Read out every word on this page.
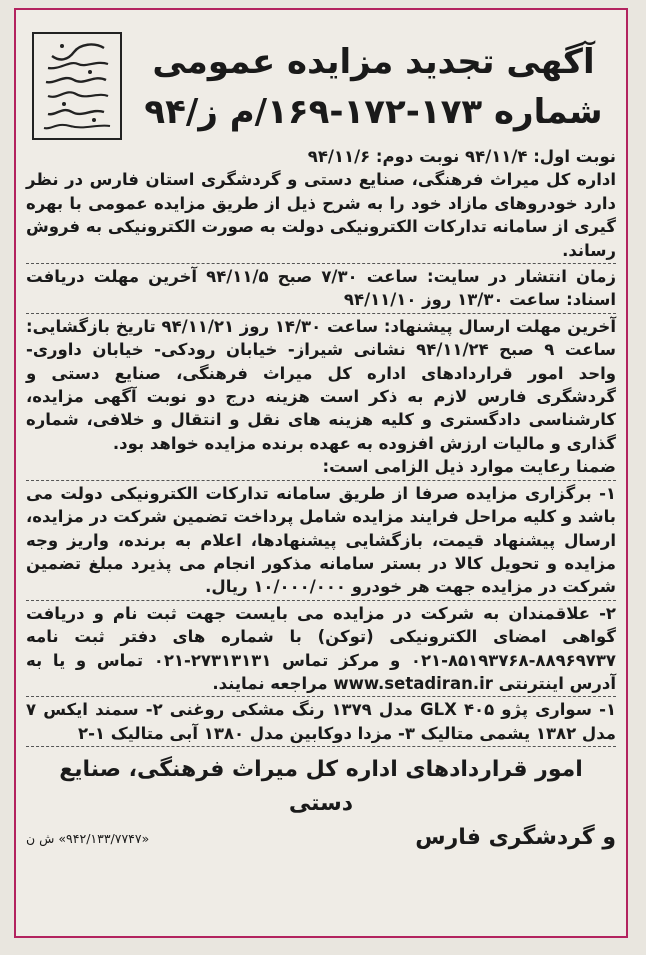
آگهی تجدید مزایده عمومی
شماره ۱۷۳-۱۷۲-۱۶۹/م ز/۹۴

نوبت اول: ۹۴/۱۱/۴ نوبت دوم: ۹۴/۱۱/۶

اداره کل میراث فرهنگی، صنایع دستی و گردشگری استان فارس در نظر دارد خودروهای مازاد خود را به شرح ذیل از طریق مزایده عمومی با بهره گیری از سامانه تدارکات الکترونیکی دولت به صورت الکترونیکی به فروش رساند.

زمان انتشار در سایت: ساعت ۷/۳۰ صبح ۹۴/۱۱/۵ آخرین مهلت دریافت اسناد: ساعت ۱۳/۳۰ روز ۹۴/۱۱/۱۰

آخرین مهلت ارسال پیشنهاد: ساعت ۱۴/۳۰ روز ۹۴/۱۱/۲۱ تاریخ بازگشایی: ساعت ۹ صبح ۹۴/۱۱/۲۴ نشانی شیراز- خیابان رودکی- خیابان داوری- واحد امور قراردادهای اداره کل میراث فرهنگی، صنایع دستی و گردشگری فارس لازم به ذکر است هزینه درج دو نوبت آگهی مزایده، کارشناسی دادگستری و کلیه هزینه های نقل و انتقال و خلافی، شماره گذاری و مالیات ارزش افزوده به عهده برنده مزایده خواهد بود.

ضمنا رعایت موارد ذیل الزامی است:

۱- برگزاری مزایده صرفا از طریق سامانه تدارکات الکترونیکی دولت می باشد و کلیه مراحل فرایند مزایده شامل پرداخت تضمین شرکت در مزایده، ارسال پیشنهاد قیمت، بازگشایی پیشنهادها، اعلام به برنده، واریز وجه مزایده و تحویل کالا در بستر سامانه مذکور انجام می پذیرد مبلغ تضمین شرکت در مزایده جهت هر خودرو ۱۰/۰۰۰/۰۰۰ ریال.

۲- علاقمندان به شرکت در مزایده می بایست جهت ثبت نام و دریافت گواهی امضای الکترونیکی (توکن) با شماره های دفتر ثبت نامه ۸۸۹۶۹۷۳۷-۸۵۱۹۳۷۶۸-۰۲۱ و مرکز تماس ۲۷۳۱۳۱۳۱-۰۲۱ تماس و یا به آدرس اینترنتی www.setadiran.ir مراجعه نمایند.

۱- سواری پژو ۴۰۵ GLX مدل ۱۳۷۹ رنگ مشکی روغنی ۲- سمند ایکس ۷ مدل ۱۳۸۲ یشمی متالیک ۳- مزدا دوکابین مدل ۱۳۸۰ آبی متالیک ۱-۲

امور قراردادهای اداره کل میراث فرهنگی، صنایع دستی
و گردشگری فارس
«۹۴۲/۱۳۳/۷۷۴۷» ش ن
